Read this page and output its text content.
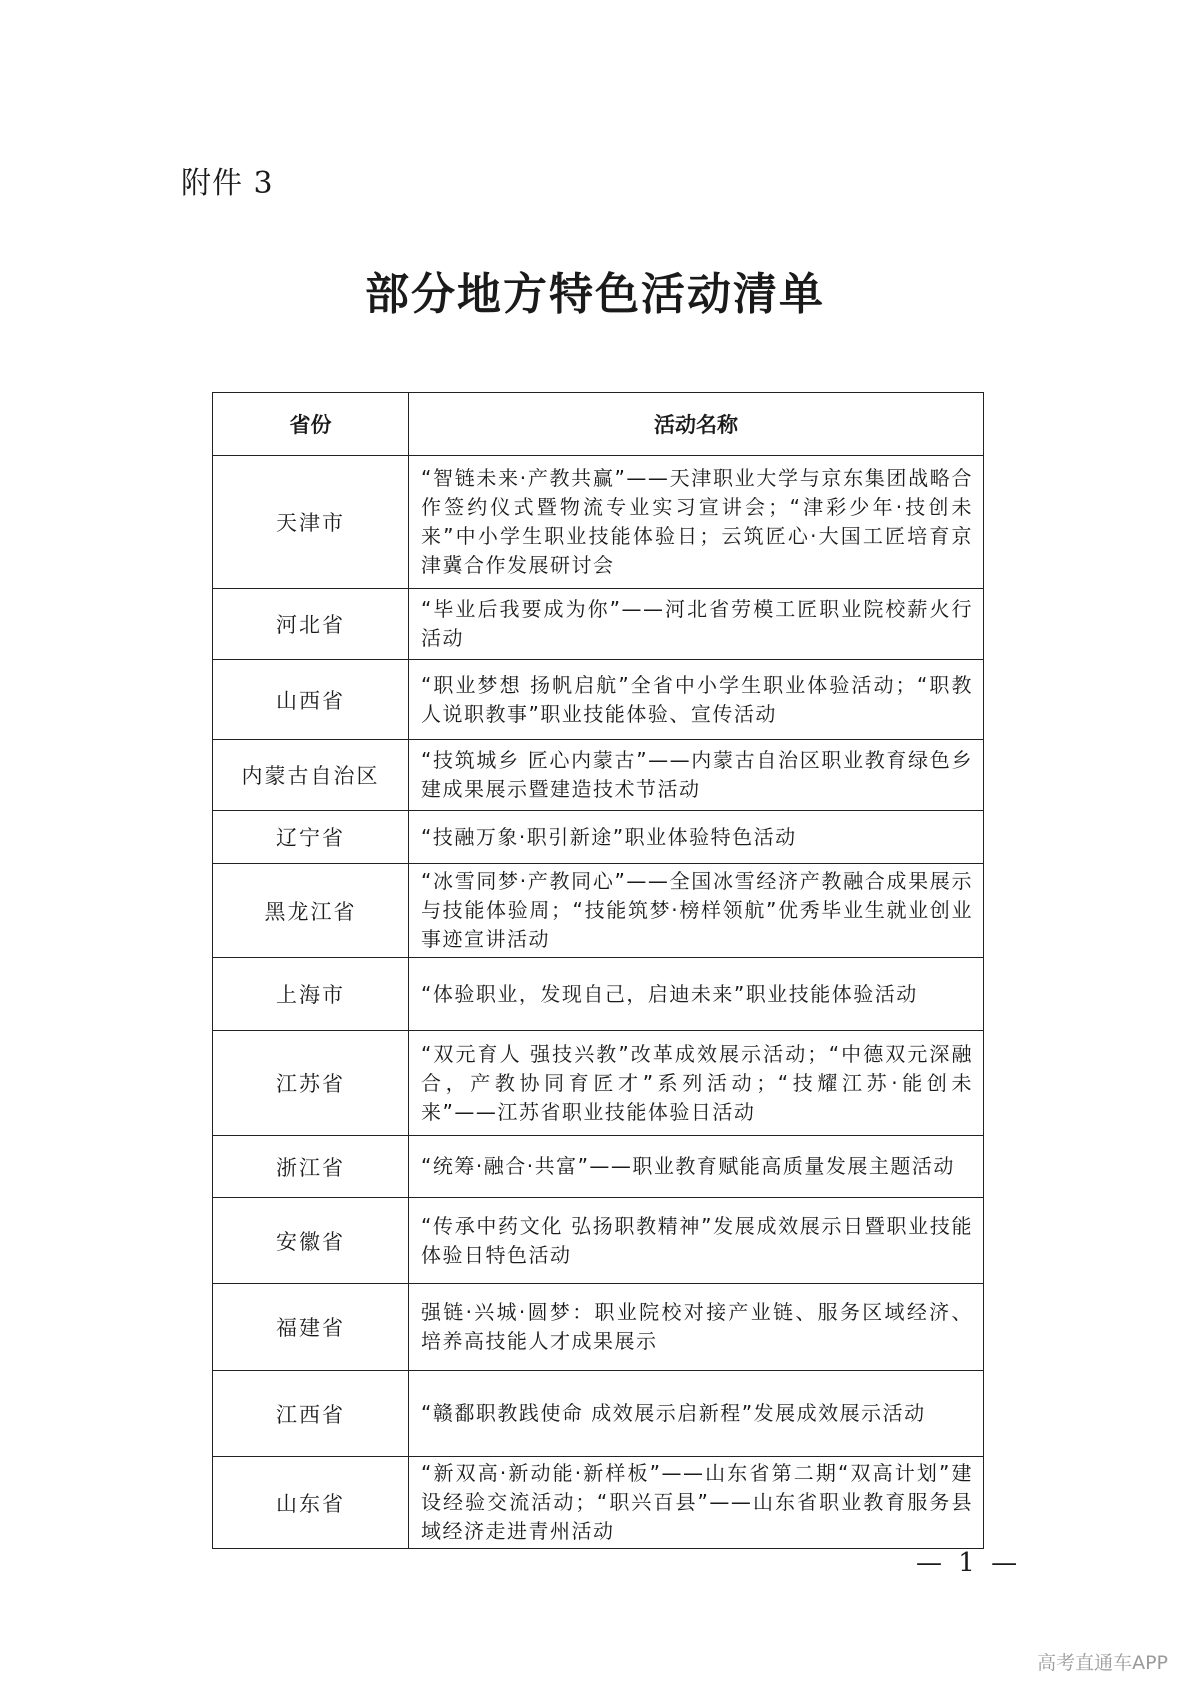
附件 3
部分地方特色活动清单
省份	活动名称
天津市	“智链未来·产教共赢”——天津职业大学与京东集团战略合作签约仪式暨物流专业实习宣讲会；“津彩少年·技创未来”中小学生职业技能体验日；云筑匠心·大国工匠培育京津冀合作发展研讨会
河北省	“毕业后我要成为你”——河北省劳模工匠职业院校薪火行活动
山西省	“职业梦想 扬帆启航”全省中小学生职业体验活动；“职教人说职教事”职业技能体验、宣传活动
内蒙古自治区	“技筑城乡 匠心内蒙古”——内蒙古自治区职业教育绿色乡建成果展示暨建造技术节活动
辽宁省	“技融万象·职引新途”职业体验特色活动
黑龙江省	“冰雪同梦·产教同心”——全国冰雪经济产教融合成果展示与技能体验周；“技能筑梦·榜样领航”优秀毕业生就业创业事迹宣讲活动
上海市	“体验职业，发现自己，启迪未来”职业技能体验活动
江苏省	“双元育人 强技兴教”改革成效展示活动；“中德双元深融合，产教协同育匠才”系列活动；“技耀江苏·能创未来”——江苏省职业技能体验日活动
浙江省	“统筹·融合·共富”——职业教育赋能高质量发展主题活动
安徽省	“传承中药文化 弘扬职教精神”发展成效展示日暨职业技能体验日特色活动
福建省	强链·兴城·圆梦：职业院校对接产业链、服务区域经济、培养高技能人才成果展示
江西省	“赣鄱职教践使命 成效展示启新程”发展成效展示活动
山东省	“新双高·新动能·新样板”——山东省第二期“双高计划”建设经验交流活动；“职兴百县”——山东省职业教育服务县域经济走进青州活动
— 1 —
高考直通车APP
